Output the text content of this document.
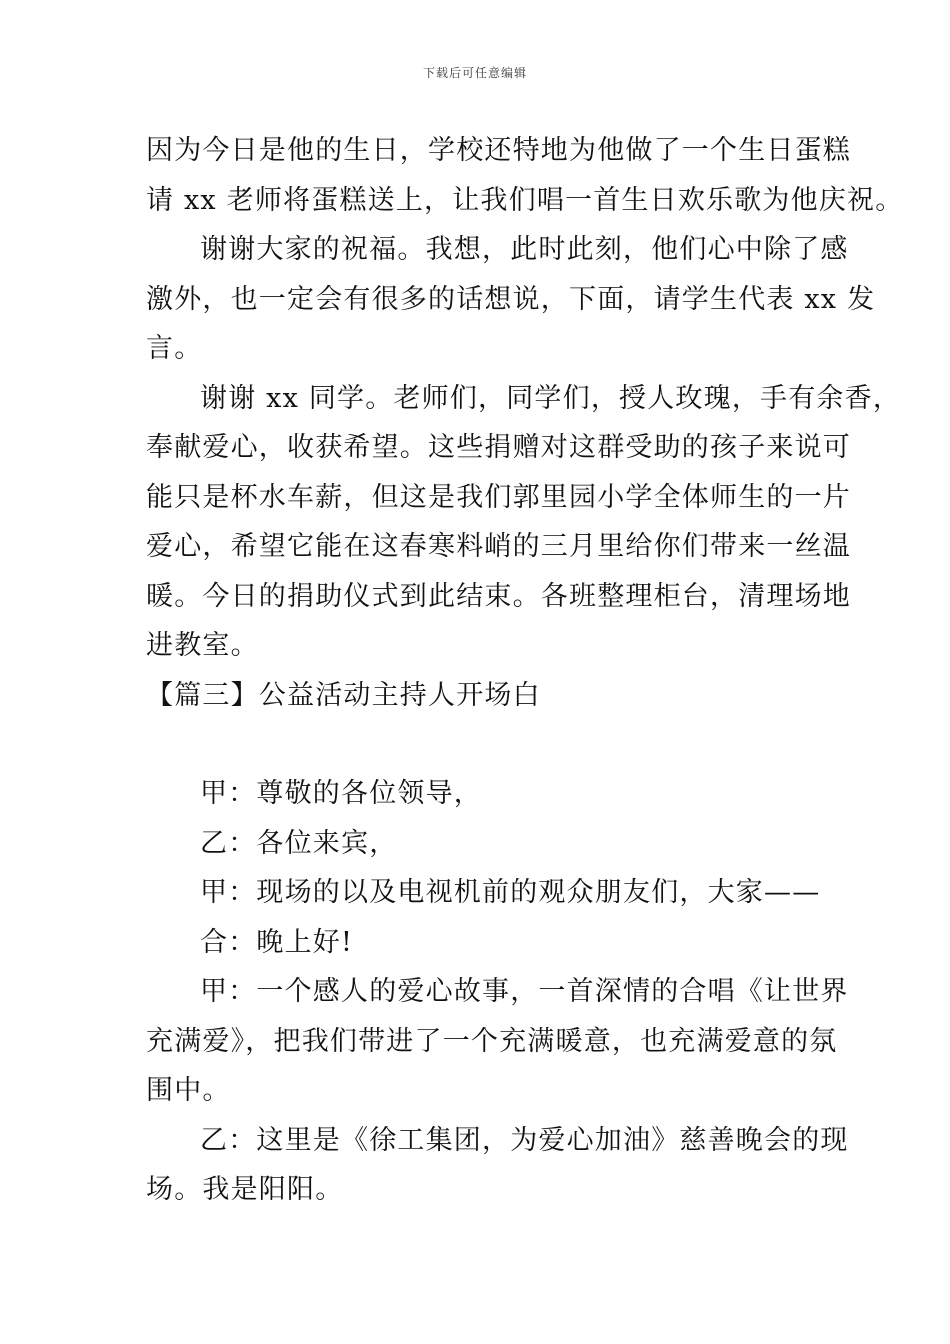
下载后可任意编辑
因为今日是他的生日，学校还特地为他做了一个生日蛋糕
请 xx 老师将蛋糕送上，让我们唱一首生日欢乐歌为他庆祝。
谢谢大家的祝福。我想，此时此刻，他们心中除了感
激外，也一定会有很多的话想说，下面，请学生代表 xx 发
言。
谢谢 xx 同学。老师们，同学们，授人玫瑰，手有余香，
奉献爱心，收获希望。这些捐赠对这群受助的孩子来说可
能只是杯水车薪，但这是我们郭里园小学全体师生的一片
爱心，希望它能在这春寒料峭的三月里给你们带来一丝温
暖。今日的捐助仪式到此结束。各班整理柜台，清理场地
进教室。
【篇三】公益活动主持人开场白
甲：尊敬的各位领导，
乙：各位来宾，
甲：现场的以及电视机前的观众朋友们，大家——
合：晚上好!
甲：一个感人的爱心故事，一首深情的合唱《让世界
充满爱》，把我们带进了一个充满暖意，也充满爱意的氛
围中。
乙：这里是《徐工集团，为爱心加油》慈善晚会的现
场。我是阳阳。
